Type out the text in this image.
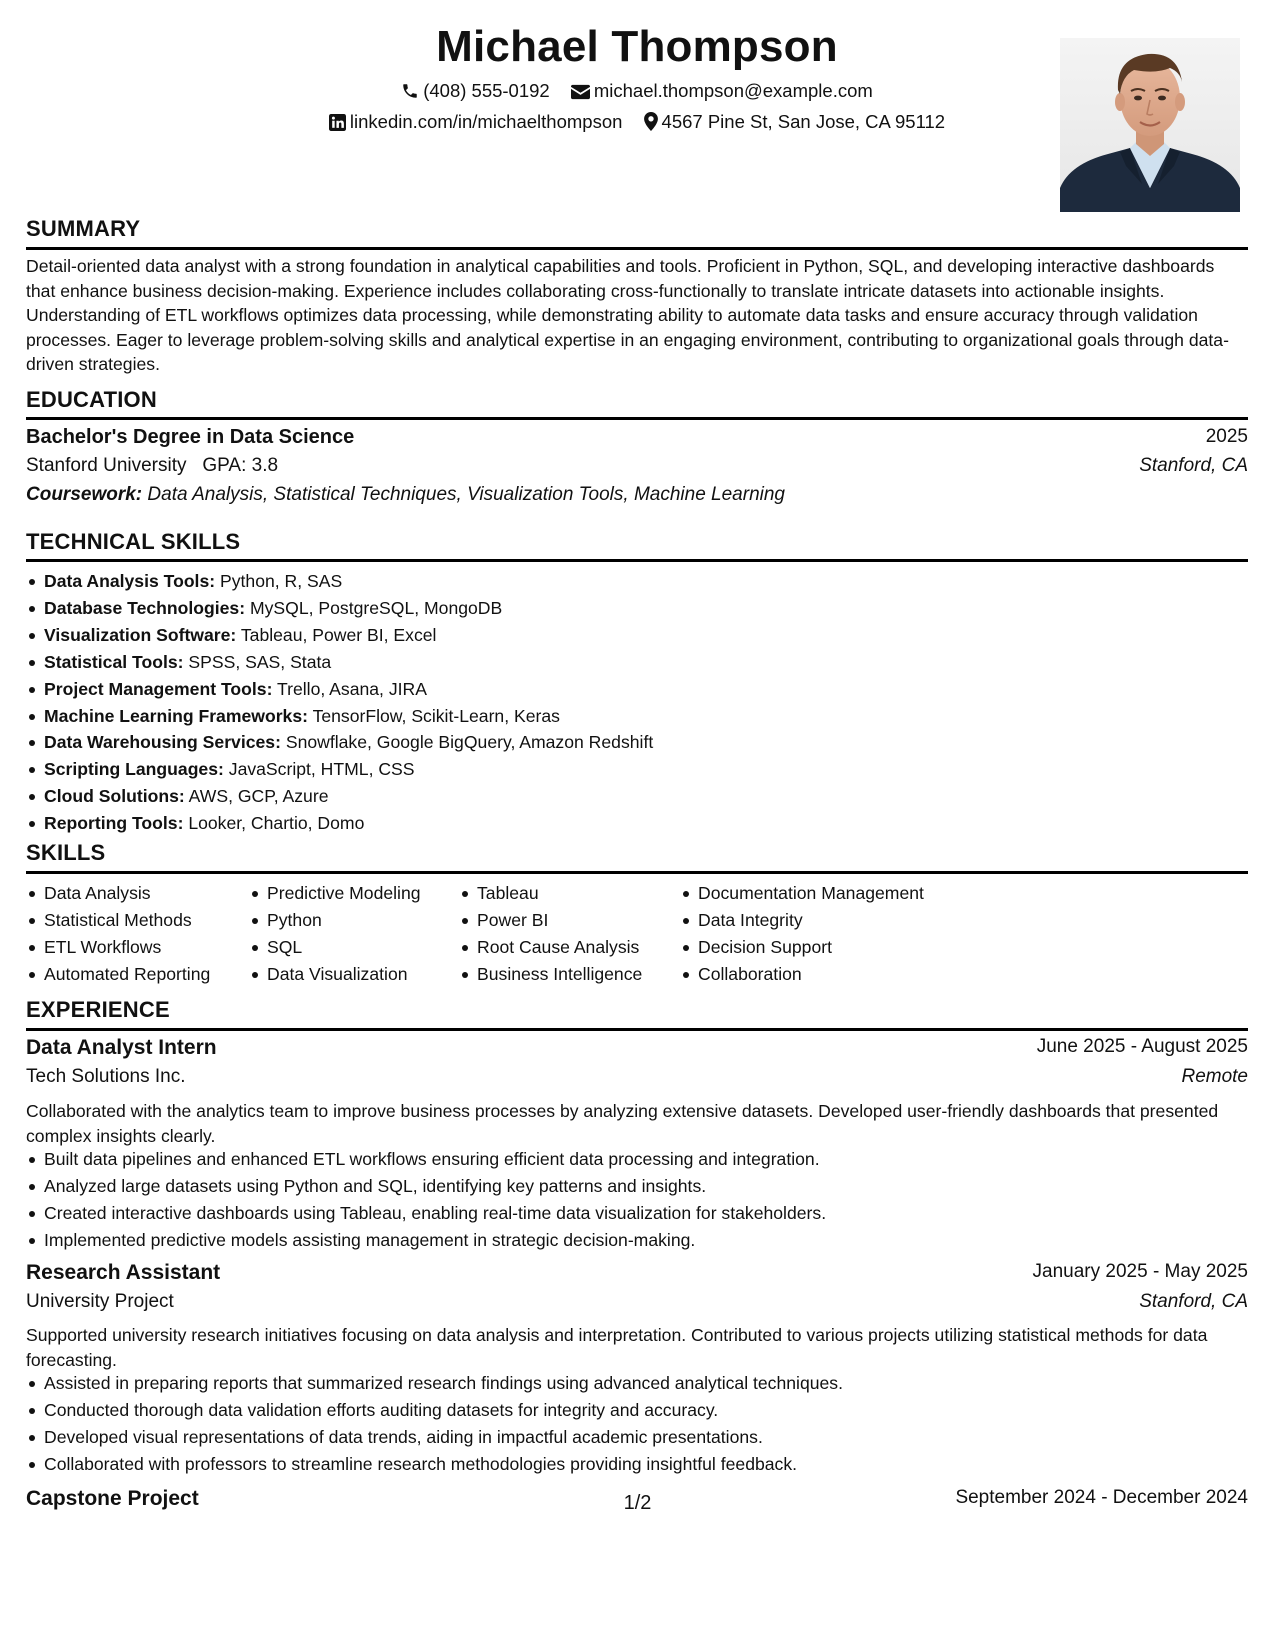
Michael Thompson
(408) 555-0192 michael.thompson@example.com
linkedin.com/in/michaelthompson 4567 Pine St, San Jose, CA 95112
SUMMARY
Detail-oriented data analyst with a strong foundation in analytical capabilities and tools. Proficient in Python, SQL, and developing interactive dashboards that enhance business decision-making. Experience includes collaborating cross-functionally to translate intricate datasets into actionable insights. Understanding of ETL workflows optimizes data processing, while demonstrating ability to automate data tasks and ensure accuracy through validation processes. Eager to leverage problem-solving skills and analytical expertise in an engaging environment, contributing to organizational goals through data-driven strategies.
EDUCATION
Bachelor's Degree in Data Science	2025
Stanford University GPA: 3.8	Stanford, CA
Coursework: Data Analysis, Statistical Techniques, Visualization Tools, Machine Learning
TECHNICAL SKILLS
Data Analysis Tools: Python, R, SAS
Database Technologies: MySQL, PostgreSQL, MongoDB
Visualization Software: Tableau, Power BI, Excel
Statistical Tools: SPSS, SAS, Stata
Project Management Tools: Trello, Asana, JIRA
Machine Learning Frameworks: TensorFlow, Scikit-Learn, Keras
Data Warehousing Services: Snowflake, Google BigQuery, Amazon Redshift
Scripting Languages: JavaScript, HTML, CSS
Cloud Solutions: AWS, GCP, Azure
Reporting Tools: Looker, Chartio, Domo
SKILLS
Data Analysis
Statistical Methods
ETL Workflows
Automated Reporting
Predictive Modeling
Python
SQL
Data Visualization
Tableau
Power BI
Root Cause Analysis
Business Intelligence
Documentation Management
Data Integrity
Decision Support
Collaboration
EXPERIENCE
Data Analyst Intern	June 2025 - August 2025
Tech Solutions Inc.	Remote
Collaborated with the analytics team to improve business processes by analyzing extensive datasets. Developed user-friendly dashboards that presented complex insights clearly.
Built data pipelines and enhanced ETL workflows ensuring efficient data processing and integration.
Analyzed large datasets using Python and SQL, identifying key patterns and insights.
Created interactive dashboards using Tableau, enabling real-time data visualization for stakeholders.
Implemented predictive models assisting management in strategic decision-making.
Research Assistant	January 2025 - May 2025
University Project	Stanford, CA
Supported university research initiatives focusing on data analysis and interpretation. Contributed to various projects utilizing statistical methods for data forecasting.
Assisted in preparing reports that summarized research findings using advanced analytical techniques.
Conducted thorough data validation efforts auditing datasets for integrity and accuracy.
Developed visual representations of data trends, aiding in impactful academic presentations.
Collaborated with professors to streamline research methodologies providing insightful feedback.
Capstone Project	September 2024 - December 2024
1/2
